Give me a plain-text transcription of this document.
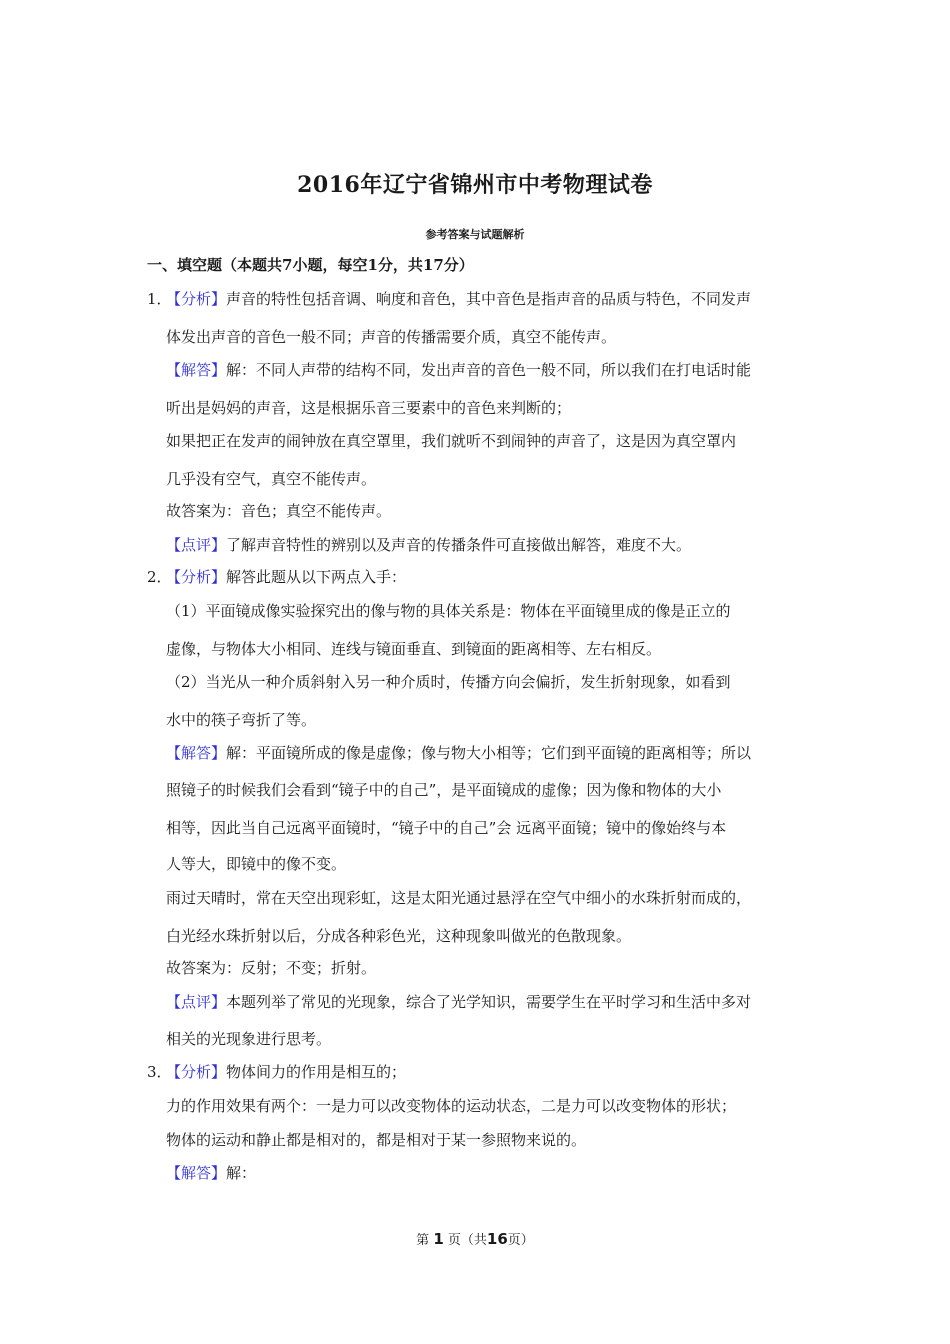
2016年辽宁省锦州市中考物理试卷
参考答案与试题解析
一、填空题（本题共7小题，每空1分，共17分）
1．
【分析】声音的特性包括音调、响度和音色，其中音色是指声音的品质与特色，不同发声
体发出声音的音色一般不同；声音的传播需要介质，真空不能传声。
【解答】解：不同人声带的结构不同，发出声音的音色一般不同，所以我们在打电话时能
听出是妈妈的声音，这是根据乐音三要素中的音色来判断的；
如果把正在发声的闹钟放在真空罩里，我们就听不到闹钟的声音了，这是因为真空罩内
几乎没有空气，真空不能传声。
故答案为：音色；真空不能传声。
【点评】了解声音特性的辨别以及声音的传播条件可直接做出解答，难度不大。
2．
【分析】解答此题从以下两点入手：
（1）平面镜成像实验探究出的像与物的具体关系是：物体在平面镜里成的像是正立的
虚像，与物体大小相同、连线与镜面垂直、到镜面的距离相等、左右相反。
（2）当光从一种介质斜射入另一种介质时，传播方向会偏折，发生折射现象，如看到
水中的筷子弯折了等。
【解答】解：平面镜所成的像是虚像；像与物大小相等；它们到平面镜的距离相等；所以
照镜子的时候我们会看到“镜子中的自己”，是平面镜成的虚像；因为像和物体的大小
相等，因此当自己远离平面镜时，“镜子中的自己”会 远离平面镜；镜中的像始终与本
人等大，即镜中的像不变。
雨过天晴时，常在天空出现彩虹，这是太阳光通过悬浮在空气中细小的水珠折射而成的，
白光经水珠折射以后，分成各种彩色光，这种现象叫做光的色散现象。
故答案为：反射；不变；折射。
【点评】本题列举了常见的光现象，综合了光学知识，需要学生在平时学习和生活中多对
相关的光现象进行思考。
3．
【分析】物体间力的作用是相互的；
力的作用效果有两个：一是力可以改变物体的运动状态，二是力可以改变物体的形状；
物体的运动和静止都是相对的，都是相对于某一参照物来说的。
【解答】解：
第 1 页（共16页）
